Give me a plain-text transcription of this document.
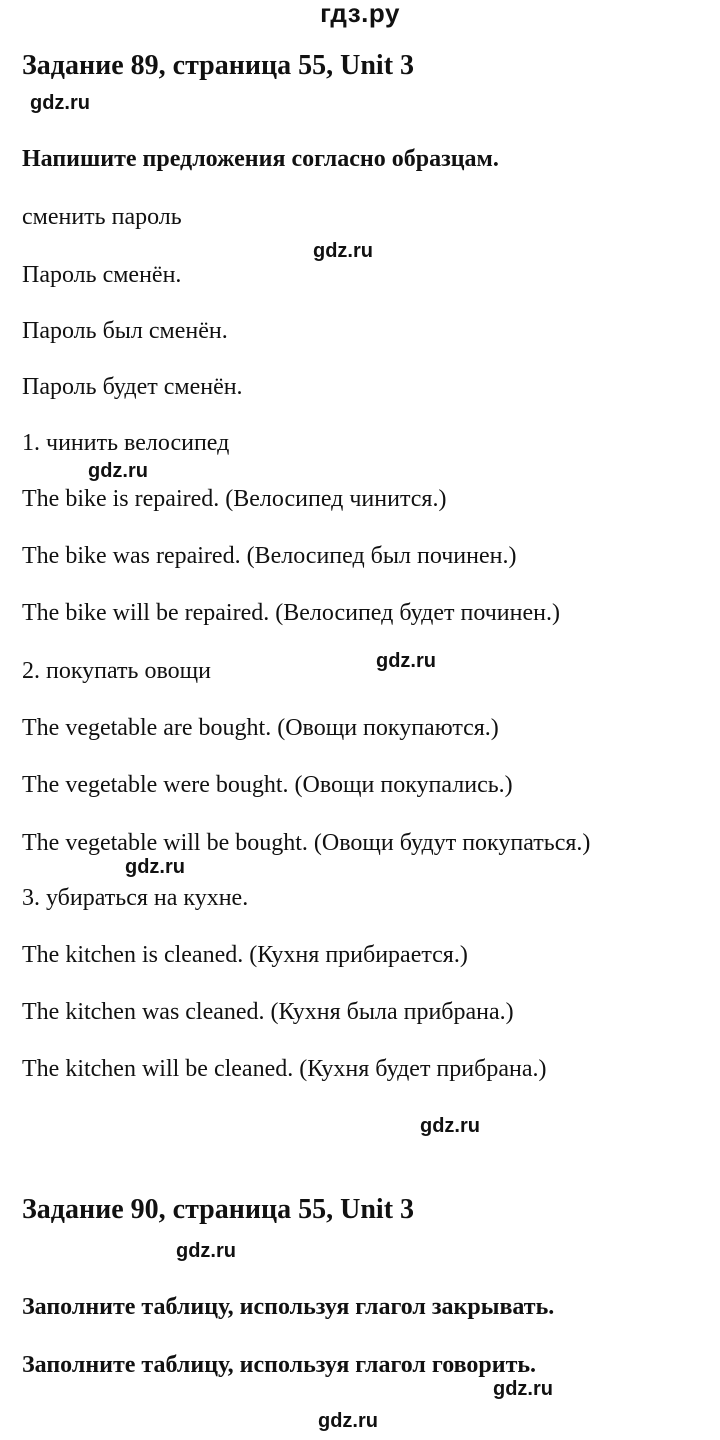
гдз.ру
Задание 89, страница 55, Unit 3
gdz.ru
Напишите предложения согласно образцам.
сменить пароль
gdz.ru
Пароль сменён.
Пароль был сменён.
Пароль будет сменён.
1. чинить велосипед
gdz.ru
The bike is repaired. (Велосипед чинится.)
The bike was repaired. (Велосипед был починен.)
The bike will be repaired. (Велосипед будет починен.)
2. покупать овощи	gdz.ru
The vegetable are bought. (Овощи покупаются.)
The vegetable were bought. (Овощи покупались.)
The vegetable will be bought. (Овощи будут покупаться.)
gdz.ru
3. убираться на кухне.
The kitchen is cleaned. (Кухня прибирается.)
The kitchen was cleaned. (Кухня была прибрана.)
The kitchen will be cleaned. (Кухня будет прибрана.)
gdz.ru
Задание 90, страница 55, Unit 3
gdz.ru
Заполните таблицу, используя глагол закрывать.
Заполните таблицу, используя глагол говорить.
gdz.ru
gdz.ru
